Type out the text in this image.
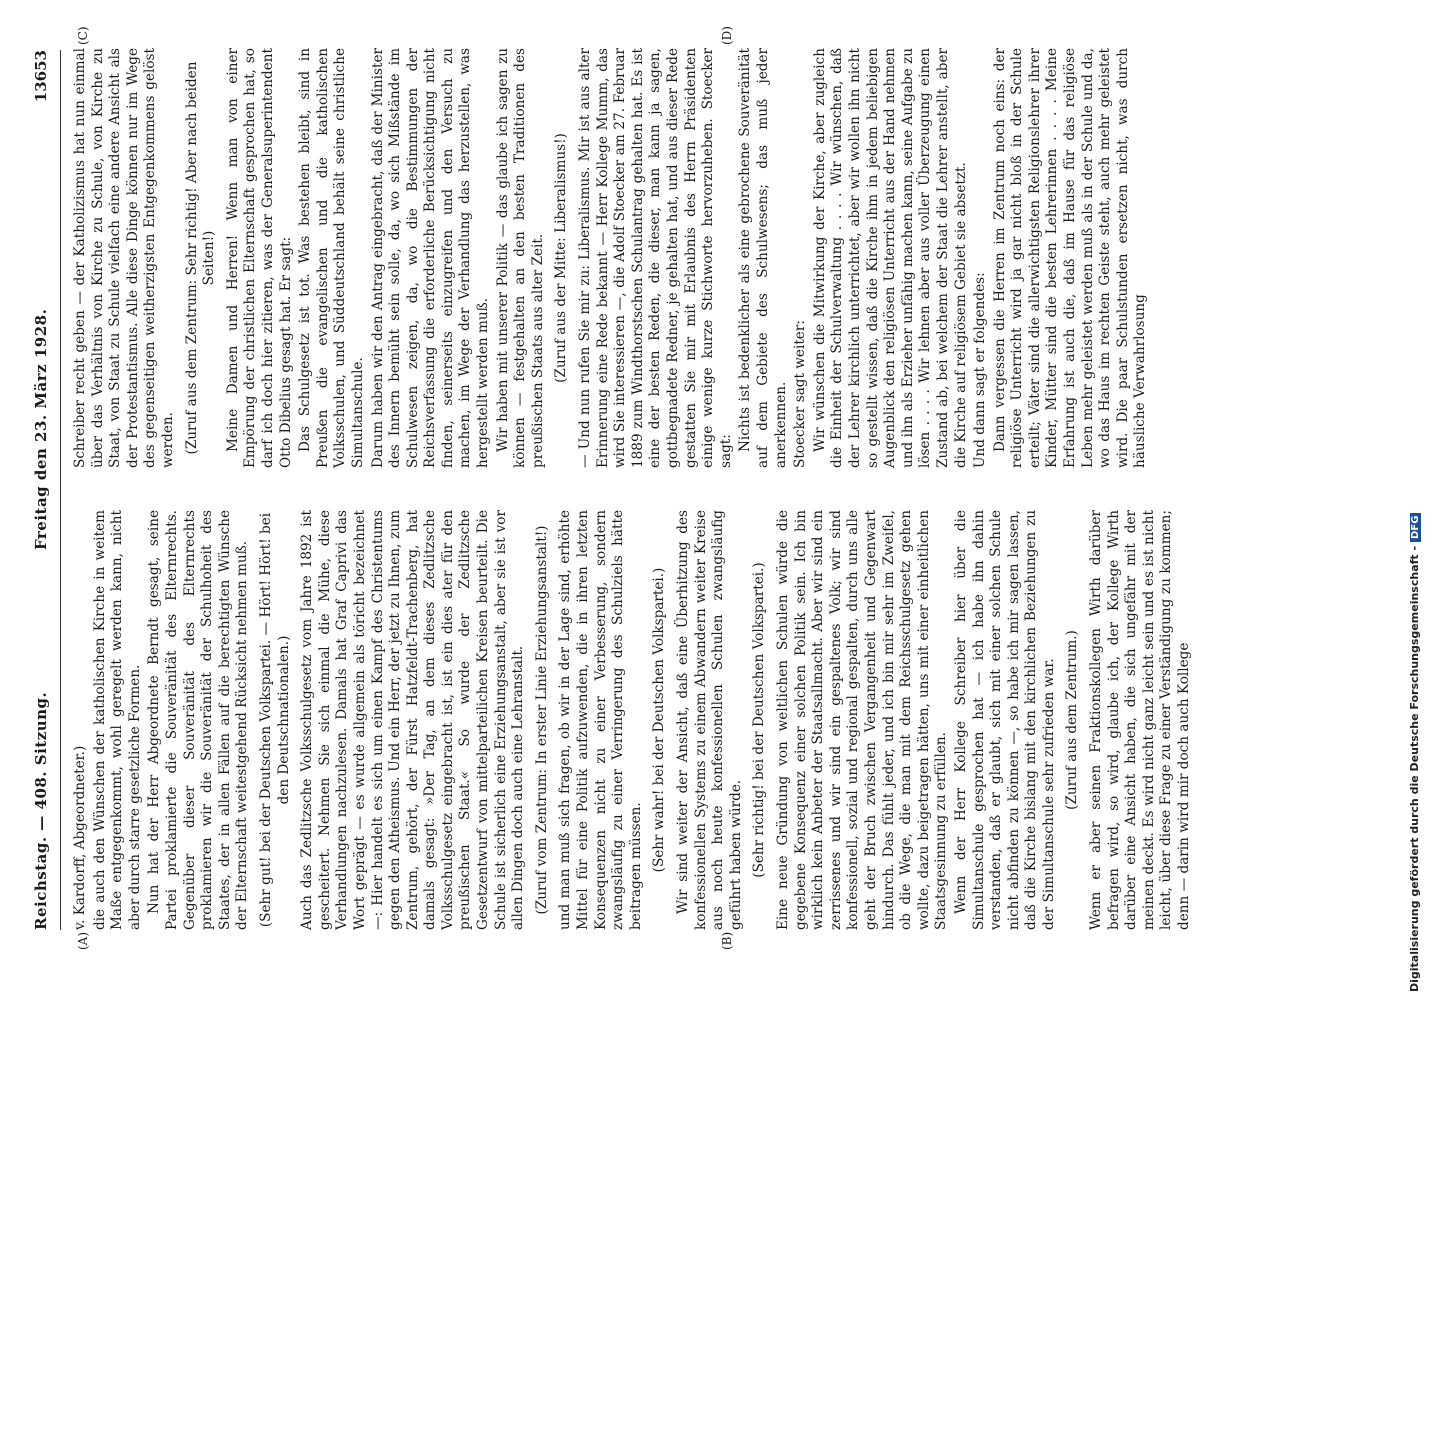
Reichstag. — 408. Sitzung.
Freitag den 23. März 1928.
13653
(A)	(B)
(C)	(D)

v. Kardorff, Abgeordneter.) die auch den Wünschen der katholischen Kirche in weitem Maße entgegenkommt, wohl geregelt werden kann, nicht aber durch starre gesetzliche Formen. Nun hat der Herr Abgeordnete Berndt gesagt, seine Partei proklamierte die Souveränität des Elternrechts. Gegenüber dieser Souveränität des Elternrechts proklamieren wir die Souveränität der Schulhoheit des Staates, der in allen Fällen auf die berechtigten Wünsche der Elternschaft weitestgehend Rücksicht nehmen muß. (Sehr gut! bei der Deutschen Volkspartei. — Hört! Hört! bei den Deutschnationalen.) Auch das Zedlitzsche Volksschulgesetz vom Jahre 1892 ist gescheitert. Nehmen Sie sich einmal die Mühe, diese Verhandlungen nachzulesen. Damals hat Graf Caprivi das Wort geprägt — es wurde allgemein als töricht bezeichnet —: Hier handelt es sich um einen Kampf des Christentums gegen den Atheismus. Und ein Herr, der jetzt zu Ihnen, zum Zentrum, gehört, der Fürst Hatzfeldt-Trachenberg, hat damals gesagt: »Der Tag, an dem dieses Zedlitzsche Volksschulgesetz eingebracht ist, ist ein dies ater für den preußischen Staat.« So wurde der Zedlitzsche Gesetzentwurf von mittelparteilichen Kreisen beurteilt. Die Schule ist sicherlich eine Erziehungsanstalt, aber sie ist vor allen Dingen doch auch eine Lehranstalt. (Zuruf vom Zentrum: In erster Linie Erziehungsanstalt!) und man muß sich fragen, ob wir in der Lage sind, erhöhte Mittel für eine Politik aufzuwenden, die in ihren letzten Konsequenzen nicht zu einer Verbesserung, sondern zwangsläufig zu einer Verringerung des Schulziels hätte beitragen müssen. (Sehr wahr! bei der Deutschen Volkspartei.) Wir sind weiter der Ansicht, daß eine Überhitzung des konfessionellen Systems zu einem Abwandern weiter Kreise aus noch heute konfessionellen Schulen zwangsläufig geführt haben würde. (Sehr richtig! bei der Deutschen Volkspartei.) Eine neue Gründung von weltlichen Schulen würde die gegebene Konsequenz einer solchen Politik sein. Ich bin wirklich kein Anbeter der Staatsallmacht. Aber wir sind ein zerrissenes und wir sind ein gespaltenes Volk; wir sind konfessionell, sozial und regional gespalten, durch uns alle geht der Bruch zwischen Vergangenheit und Gegenwart hindurch. Das fühlt jeder, und ich bin mir sehr im Zweifel, ob die Wege, die man mit dem Reichsschulgesetz gehen wollte, dazu beigetragen hätten, uns mit einer einheitlichen Staatsgesinnung zu erfüllen. Wenn der Herr Kollege Schreiber hier über die Simultanschule gesprochen hat — ich habe ihn dahin verstanden, daß er glaubt, sich mit einer solchen Schule nicht abfinden zu können —, so habe ich mir sagen lassen, daß die Kirche bislang mit den kirchlichen Beziehungen zu der Simultanschule sehr zufrieden war. (Zuruf aus dem Zentrum.) Wenn er aber seinen Fraktionskollegen Wirth darüber befragen wird, so wird, glaube ich, der Kollege Wirth darüber eine Ansicht haben, die sich ungefähr mit der meinen deckt. Es wird nicht ganz leicht sein und es ist nicht leicht, über diese Frage zu einer Verständigung zu kommen; denn — darin wird mir doch auch Kollege

Schreiber recht geben — der Katholizismus hat nun einmal über das Verhältnis von Kirche zu Schule, von Kirche zu Staat, von Staat zu Schule vielfach eine andere Ansicht als der Protestantismus. Alle diese Dinge können nur im Wege des gegenseitigen weitherzigsten Entgegenkommens gelöst werden. (Zuruf aus dem Zentrum: Sehr richtig! Aber nach beiden Seiten!) Meine Damen und Herren! Wenn man von einer Empörung der christlichen Elternschaft gesprochen hat, so darf ich doch hier zitieren, was der Generalsuperintendent Otto Dibelius gesagt hat. Er sagt: Das Schulgesetz ist tot. Was bestehen bleibt, sind in Preußen die evangelischen und die katholischen Volksschulen, und Süddeutschland behält seine christliche Simultanschule. Darum haben wir den Antrag eingebracht, daß der Minister des Innern bemüht sein solle, da, wo sich Mißstände im Schulwesen zeigen, da, wo die Bestimmungen der Reichsverfassung die erforderliche Berücksichtigung nicht finden, seinerseits einzugreifen und den Versuch zu machen, im Wege der Verhandlung das herzustellen, was hergestellt werden muß. Wir haben mit unserer Politik — das glaube ich sagen zu können — festgehalten an den besten Traditionen des preußischen Staats aus alter Zeit. (Zuruf aus der Mitte: Liberalismus!) — Und nun rufen Sie mir zu: Liberalismus. Mir ist aus alter Erinnerung eine Rede bekannt — Herr Kollege Mumm, das wird Sie interessieren —, die Adolf Stoecker am 27. Februar 1889 zum Windthorstschen Schulantrag gehalten hat. Es ist eine der besten Reden, die dieser, man kann ja sagen, gottbegnadete Redner, je gehalten hat, und aus dieser Rede gestatten Sie mir mit Erlaubnis des Herrn Präsidenten einige wenige kurze Stichworte hervorzuheben. Stoecker sagt: Nichts ist bedenklicher als eine gebrochene Souveränität auf dem Gebiete des Schulwesens; das muß jeder anerkennen. Stoecker sagt weiter: Wir wünschen die Mitwirkung der Kirche, aber zugleich die Einheit der Schulverwaltung . . . . Wir wünschen, daß der Lehrer kirchlich unterrichtet, aber wir wollen ihn nicht so gestellt wissen, daß die Kirche ihm in jedem beliebigen Augenblick den religiösen Unterricht aus der Hand nehmen und ihn als Erzieher unfähig machen kann, seine Aufgabe zu lösen . . . . Wir lehnen aber aus voller Überzeugung einen Zustand ab, bei welchem der Staat die Lehrer anstellt, aber die Kirche auf religiösem Gebiet sie absetzt. Und dann sagt er folgendes: Dann vergessen die Herren im Zentrum noch eins: der religiöse Unterricht wird ja gar nicht bloß in der Schule erteilt; Väter sind die allerwichtigsten Religionslehrer ihrer Kinder, Mütter sind die besten Lehrerinnen . . . . Meine Erfahrung ist auch die, daß im Hause für das religiöse Leben mehr geleistet werden muß als in der Schule und da, wo das Haus im rechten Geiste steht, auch mehr geleistet wird. Die paar Schulstunden ersetzen nicht, was durch häusliche Verwahrlosung

Digitalisierung gefördert durch die Deutsche Forschungsgemeinschaft -DFG
